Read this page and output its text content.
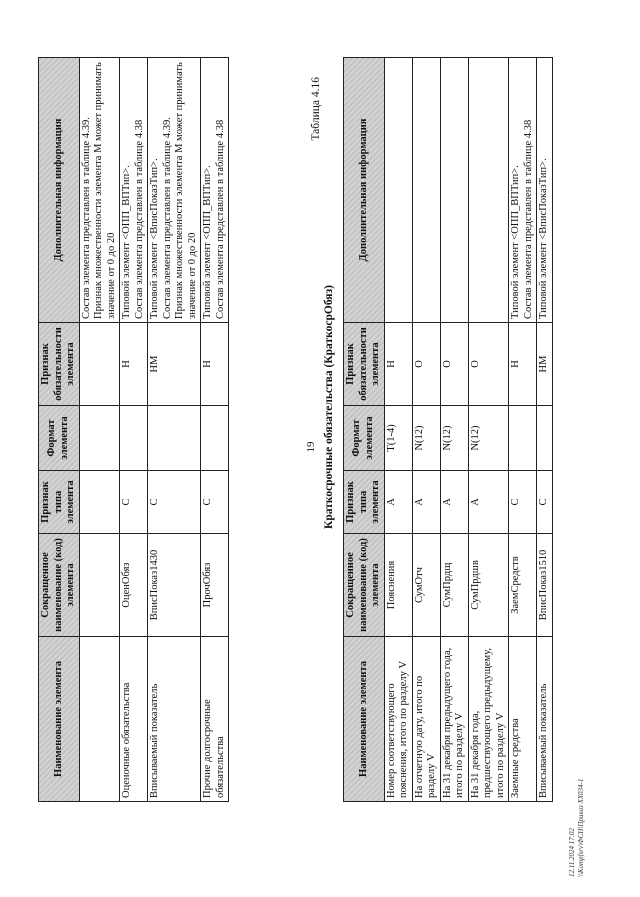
19
Наименование элемента	Сокращенное наименование (код) элемента	Признак типа элемента	Формат элемента	Признак обязательности элемента	Дополнительная информация
					Состав элемента представлен в таблице 4.39.
Признак множественности элемента М может принимать значение от 0 до 20
Оценочные обязательства	ОценОбяз	С		Н	Типовой элемент <ОПП_ВПТип>.
Состав элемента представлен в таблице 4.38
Вписываемый показатель	ВписПоказ1430	С		НМ	Типовой элемент <ВписПоказТип>.
Состав элемента представлен в таблице 4.39.
Признак множественности элемента М может принимать значение от 0 до 20
Прочие долгосрочные обязательства	ПрочОбяз	С		Н	Типовой элемент <ОПП_ВПТип>.
Состав элемента представлен в таблице 4.38	Таблица 4.16
Краткосрочные обязательства (КраткосрОбяз)
Наименование элемента	Сокращенное наименование (код) элемента	Признак типа элемента	Формат элемента	Признак обязательности элемента	Дополнительная информация
Номер соответствующего пояснения, итого по разделу V	Пояснения	А	T(1-4)	Н	
На отчетную дату, итого по разделу V	СумОтч	А	N(12)	О	
На 31 декабря предыдущего года, итого по разделу V	СумПрдщ	А	N(12)	О	
На 31 декабря года, предшествующего предыдущему, итого по разделу V	СумПрдшв	А	N(12)	О	
Заемные средства	ЗаемСредств	С		Н	Типовой элемент <ОПП_ВПТип>.
Состав элемента представлен в таблице 4.38
Вписываемый показатель	ВписПоказ1510	С		НМ	Типовой элемент <ВписПоказТип>.
12.11.2024 17:02 \\Kompfsrv\ФСН\Приказ ХХ034-1
